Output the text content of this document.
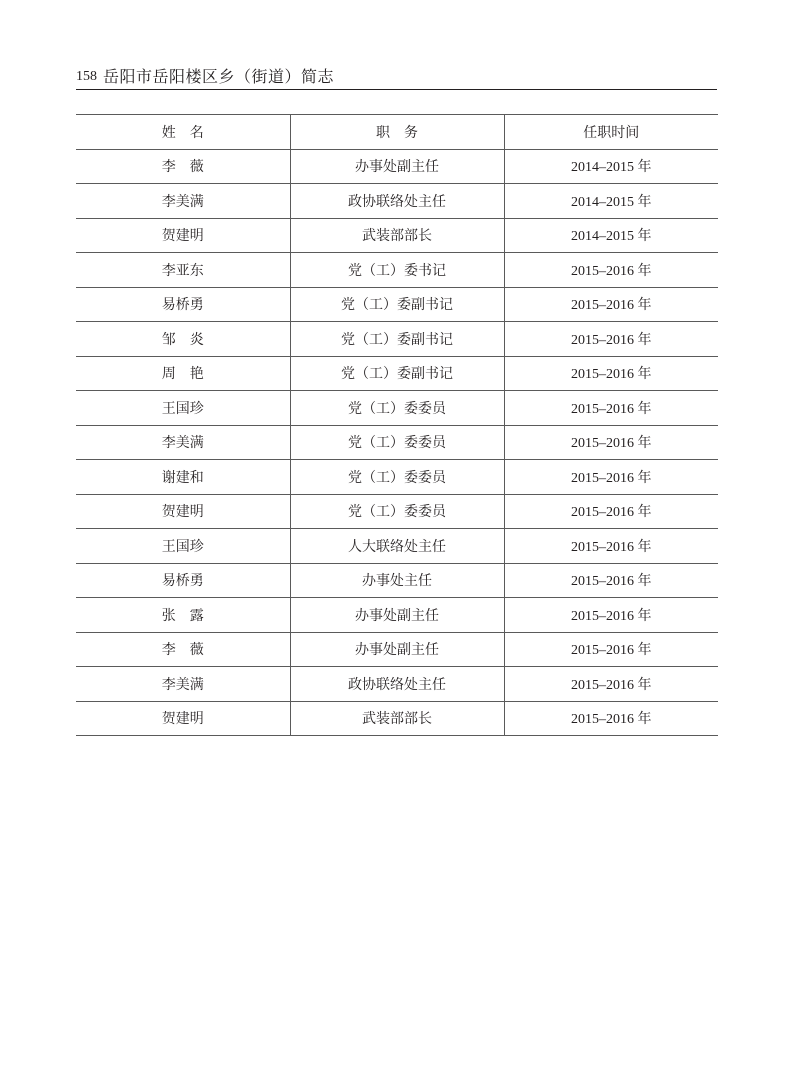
158 岳阳市岳阳楼区乡（街道）简志
姓　名	职　务	任职时间
李　薇	办事处副主任	2014–2015 年
李美满	政协联络处主任	2014–2015 年
贺建明	武装部部长	2014–2015 年
李亚东	党（工）委书记	2015–2016 年
易桥勇	党（工）委副书记	2015–2016 年
邹　炎	党（工）委副书记	2015–2016 年
周　艳	党（工）委副书记	2015–2016 年
王国珍	党（工）委委员	2015–2016 年
李美满	党（工）委委员	2015–2016 年
谢建和	党（工）委委员	2015–2016 年
贺建明	党（工）委委员	2015–2016 年
王国珍	人大联络处主任	2015–2016 年
易桥勇	办事处主任	2015–2016 年
张　露	办事处副主任	2015–2016 年
李　薇	办事处副主任	2015–2016 年
李美满	政协联络处主任	2015–2016 年
贺建明	武装部部长	2015–2016 年
